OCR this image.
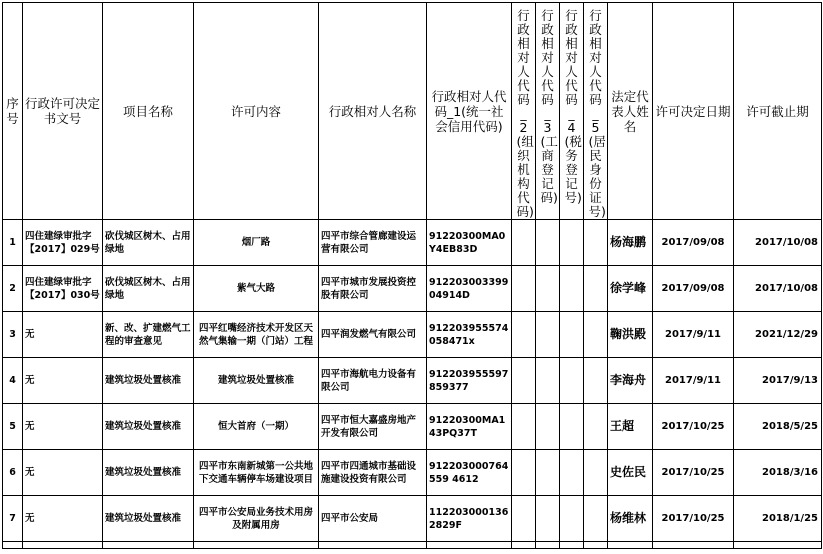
序号	行政许可决定书文号	项目名称	许可内容	行政相对人名称	行政相对人代码_1(统一社会信用代码)	行政相对人代码_2(组织机构代码)	行政相对人代码_3(工商登记码)	行政相对人代码_4(税务登记号)	行政相对人代码_5(居民身份证号)	法定代表人姓名	许可决定日期	许可截止期
1	四住建绿审批字【2017】029号	砍伐城区树木、占用绿地	烟厂路	四平市综合管廊建设运营有限公司	91220300MA0Y4EB83D					杨海鹏	2017/09/08	2017/10/08
2	四住建绿审批字【2017】030号	砍伐城区树木、占用绿地	紫气大路	四平市城市发展投资控股有限公司	912203003399 04914D					徐学峰	2017/09/08	2017/10/08
3	无	新、改、扩建燃气工程的审查意见	四平红嘴经济技术开发区天然气集输一期（门站）工程	四平润发燃气有限公司	912203955574058471x					鞠洪殿	2017/9/11	2021/12/29
4	无	建筑垃圾处置核准	建筑垃圾处置核准	四平市海航电力设备有限公司	912203955597859377					李海舟	2017/9/11	2017/9/13
5	无	建筑垃圾处置核准	恒大首府（一期）	四平市恒大嘉盛房地产开发有限公司	91220300MA143PQ37T					王超	2017/10/25	2018/5/25
6	无	建筑垃圾处置核准	四平市东南新城第一公共地下交通车辆停车场建设项目	四平市四通城市基础设施建设投资有限公司	912203000764559 4612					史佐民	2017/10/25	2018/3/16
7	无	建筑垃圾处置核准	四平市公安局业务技术用房及附属用房	四平市公安局	1122030001362829F					杨维林	2017/10/25	2018/1/25
